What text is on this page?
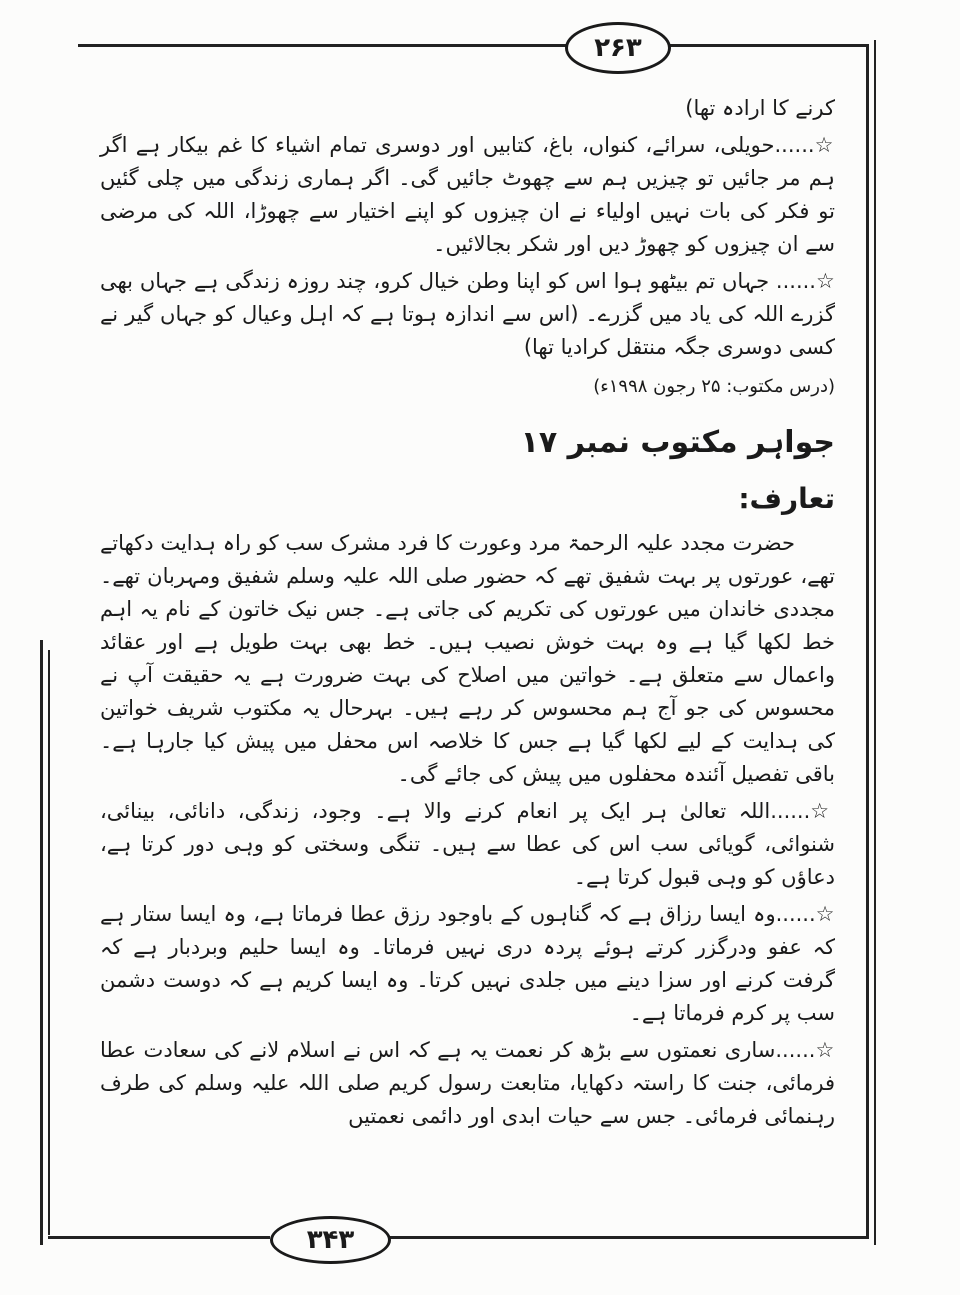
۲۶۳
۳۴۳

کرنے کا ارادہ تھا)

☆......حویلی، سرائے، کنواں، باغ، کتابیں اور دوسری تمام اشیاء کا غم بیکار ہے اگر ہم مر جائیں تو چیزیں ہم سے چھوٹ جائیں گی۔ اگر ہماری زندگی میں چلی گئیں تو فکر کی بات نہیں اولیاء نے ان چیزوں کو اپنے اختیار سے چھوڑا، اللہ کی مرضی سے ان چیزوں کو چھوڑ دیں اور شکر بجالائیں۔

☆...... جہاں تم بیٹھو ہوا اس کو اپنا وطن خیال کرو، چند روزہ زندگی ہے جہاں بھی گزرے اللہ کی یاد میں گزرے۔ (اس سے اندازہ ہوتا ہے کہ اہل وعیال کو جہاں گیر نے کسی دوسری جگہ منتقل کرادیا تھا)

(درس مکتوب: ۲۵ رجون ۱۹۹۸ء)

جواہر مکتوب نمبر ۱۷

تعارف:

حضرت مجدد علیہ الرحمۃ مرد وعورت کا فرد مشرک سب کو راہ ہدایت دکھاتے تھے، عورتوں پر بہت شفیق تھے کہ حضور صلی اللہ علیہ وسلم شفیق ومہربان تھے۔ مجددی خاندان میں عورتوں کی تکریم کی جاتی ہے۔ جس نیک خاتون کے نام یہ اہم خط لکھا گیا ہے وہ بہت خوش نصیب ہیں۔ خط بھی بہت طویل ہے اور عقائد واعمال سے متعلق ہے۔ خواتین میں اصلاح کی بہت ضرورت ہے یہ حقیقت آپ نے محسوس کی جو آج ہم محسوس کر رہے ہیں۔ بہرحال یہ مکتوب شریف خواتین کی ہدایت کے لیے لکھا گیا ہے جس کا خلاصہ اس محفل میں پیش کیا جارہا ہے۔ باقی تفصیل آئندہ محفلوں میں پیش کی جائے گی۔

☆......اللہ تعالیٰ ہر ایک پر انعام کرنے والا ہے۔ وجود، زندگی، دانائی، بینائی، شنوائی، گویائی سب اس کی عطا سے ہیں۔ تنگی وسختی کو وہی دور کرتا ہے، دعاؤں کو وہی قبول کرتا ہے۔

☆......وہ ایسا رزاق ہے کہ گناہوں کے باوجود رزق عطا فرماتا ہے، وہ ایسا ستار ہے کہ عفو ودرگزر کرتے ہوئے پردہ دری نہیں فرماتا۔ وہ ایسا حلیم وبردبار ہے کہ گرفت کرنے اور سزا دینے میں جلدی نہیں کرتا۔ وہ ایسا کریم ہے کہ دوست دشمن سب پر کرم فرماتا ہے۔

☆......ساری نعمتوں سے بڑھ کر نعمت یہ ہے کہ اس نے اسلام لانے کی سعادت عطا فرمائی، جنت کا راستہ دکھایا، متابعت رسول کریم صلی اللہ علیہ وسلم کی طرف رہنمائی فرمائی۔ جس سے حیات ابدی اور دائمی نعمتیں
